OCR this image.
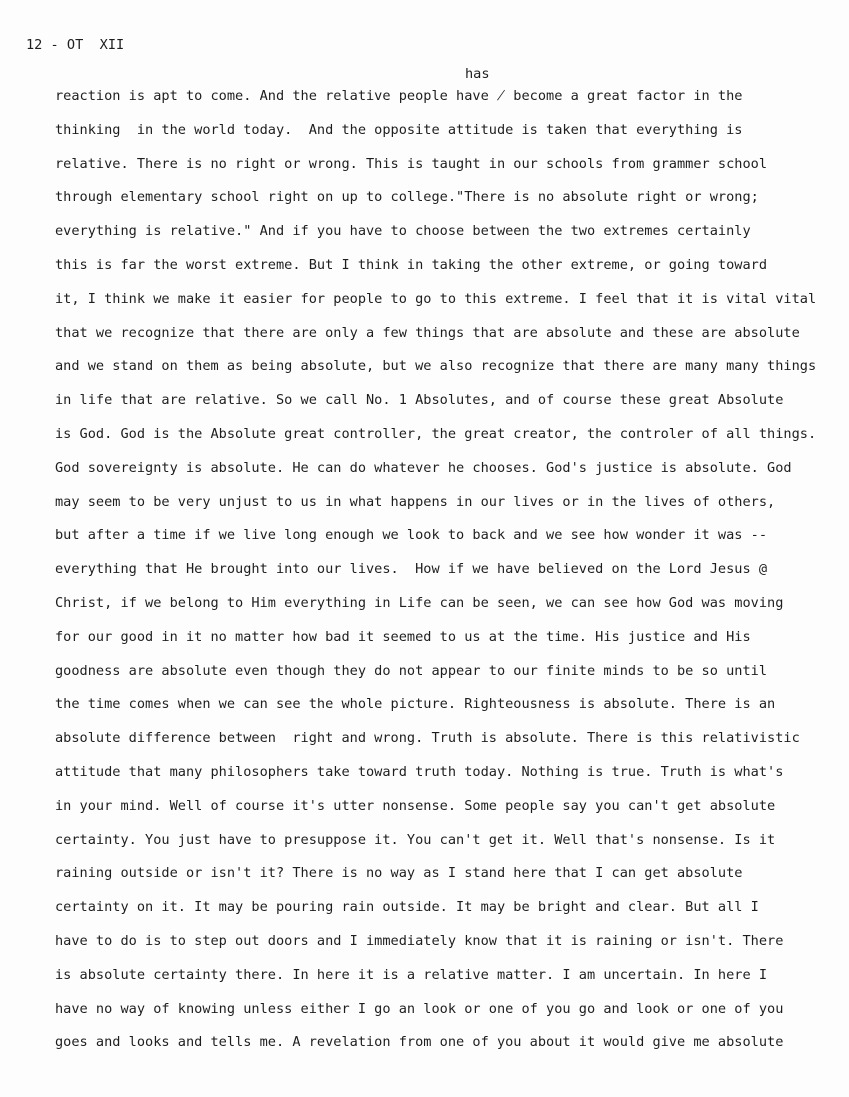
12 - OT  XII
has
reaction is apt to come. And the relative people have ̸ become a great factor in the
thinking  in the world today.  And the opposite attitude is taken that everything is
relative. There is no right or wrong. This is taught in our schools from grammer school
through elementary school right on up to college."There is no absolute right or wrong;
everything is relative." And if you have to choose between the two extremes certainly
this is far the worst extreme. But I think in taking the other extreme, or going toward
it, I think we make it easier for people to go to this extreme. I feel that it is vital vital
that we recognize that there are only a few things that are absolute and these are absolute
and we stand on them as being absolute, but we also recognize that there are many many things
in life that are relative. So we call No. 1 Absolutes, and of course these great Absolute
is God. God is the Absolute great controller, the great creator, the controler of all things.
God sovereignty is absolute. He can do whatever he chooses. God's justice is absolute. God
may seem to be very unjust to us in what happens in our lives or in the lives of others,
but after a time if we live long enough we look to back and we see how wonder it was --
everything that He brought into our lives.  How if we have believed on the Lord Jesus @
Christ, if we belong to Him everything in Life can be seen, we can see how God was moving
for our good in it no matter how bad it seemed to us at the time. His justice and His
goodness are absolute even though they do not appear to our finite minds to be so until
the time comes when we can see the whole picture. Righteousness is absolute. There is an
absolute difference between  right and wrong. Truth is absolute. There is this relativistic
attitude that many philosophers take toward truth today. Nothing is true. Truth is what's
in your mind. Well of course it's utter nonsense. Some people say you can't get absolute
certainty. You just have to presuppose it. You can't get it. Well that's nonsense. Is it
raining outside or isn't it? There is no way as I stand here that I can get absolute
certainty on it. It may be pouring rain outside. It may be bright and clear. But all I
have to do is to step out doors and I immediately know that it is raining or isn't. There
is absolute certainty there. In here it is a relative matter. I am uncertain. In here I
have no way of knowing unless either I go an look or one of you go and look or one of you
goes and looks and tells me. A revelation from one of you about it would give me absolute
